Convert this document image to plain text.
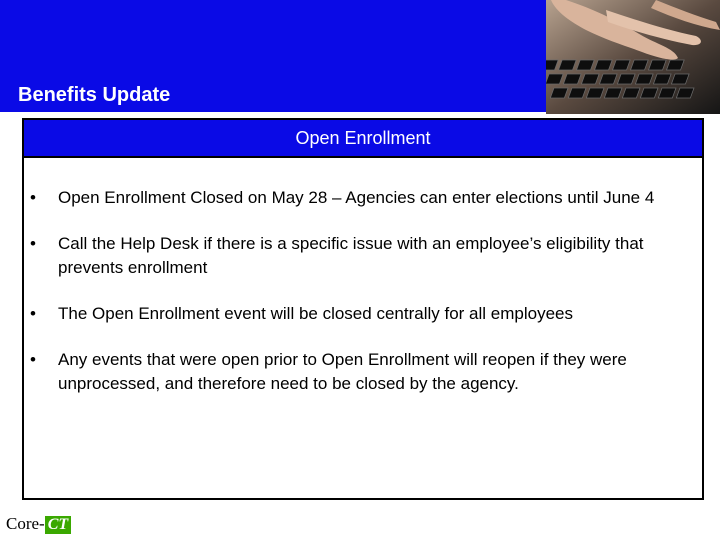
Benefits Update
Open Enrollment
• Open Enrollment Closed on May 28 – Agencies can enter elections until June 4
• Call the Help Desk if there is a specific issue with an employee’s eligibility that prevents enrollment
• The Open Enrollment event will be closed centrally for all employees
• Any events that were open prior to Open Enrollment will reopen if they were unprocessed, and therefore need to be closed by the agency.
Core- CT
